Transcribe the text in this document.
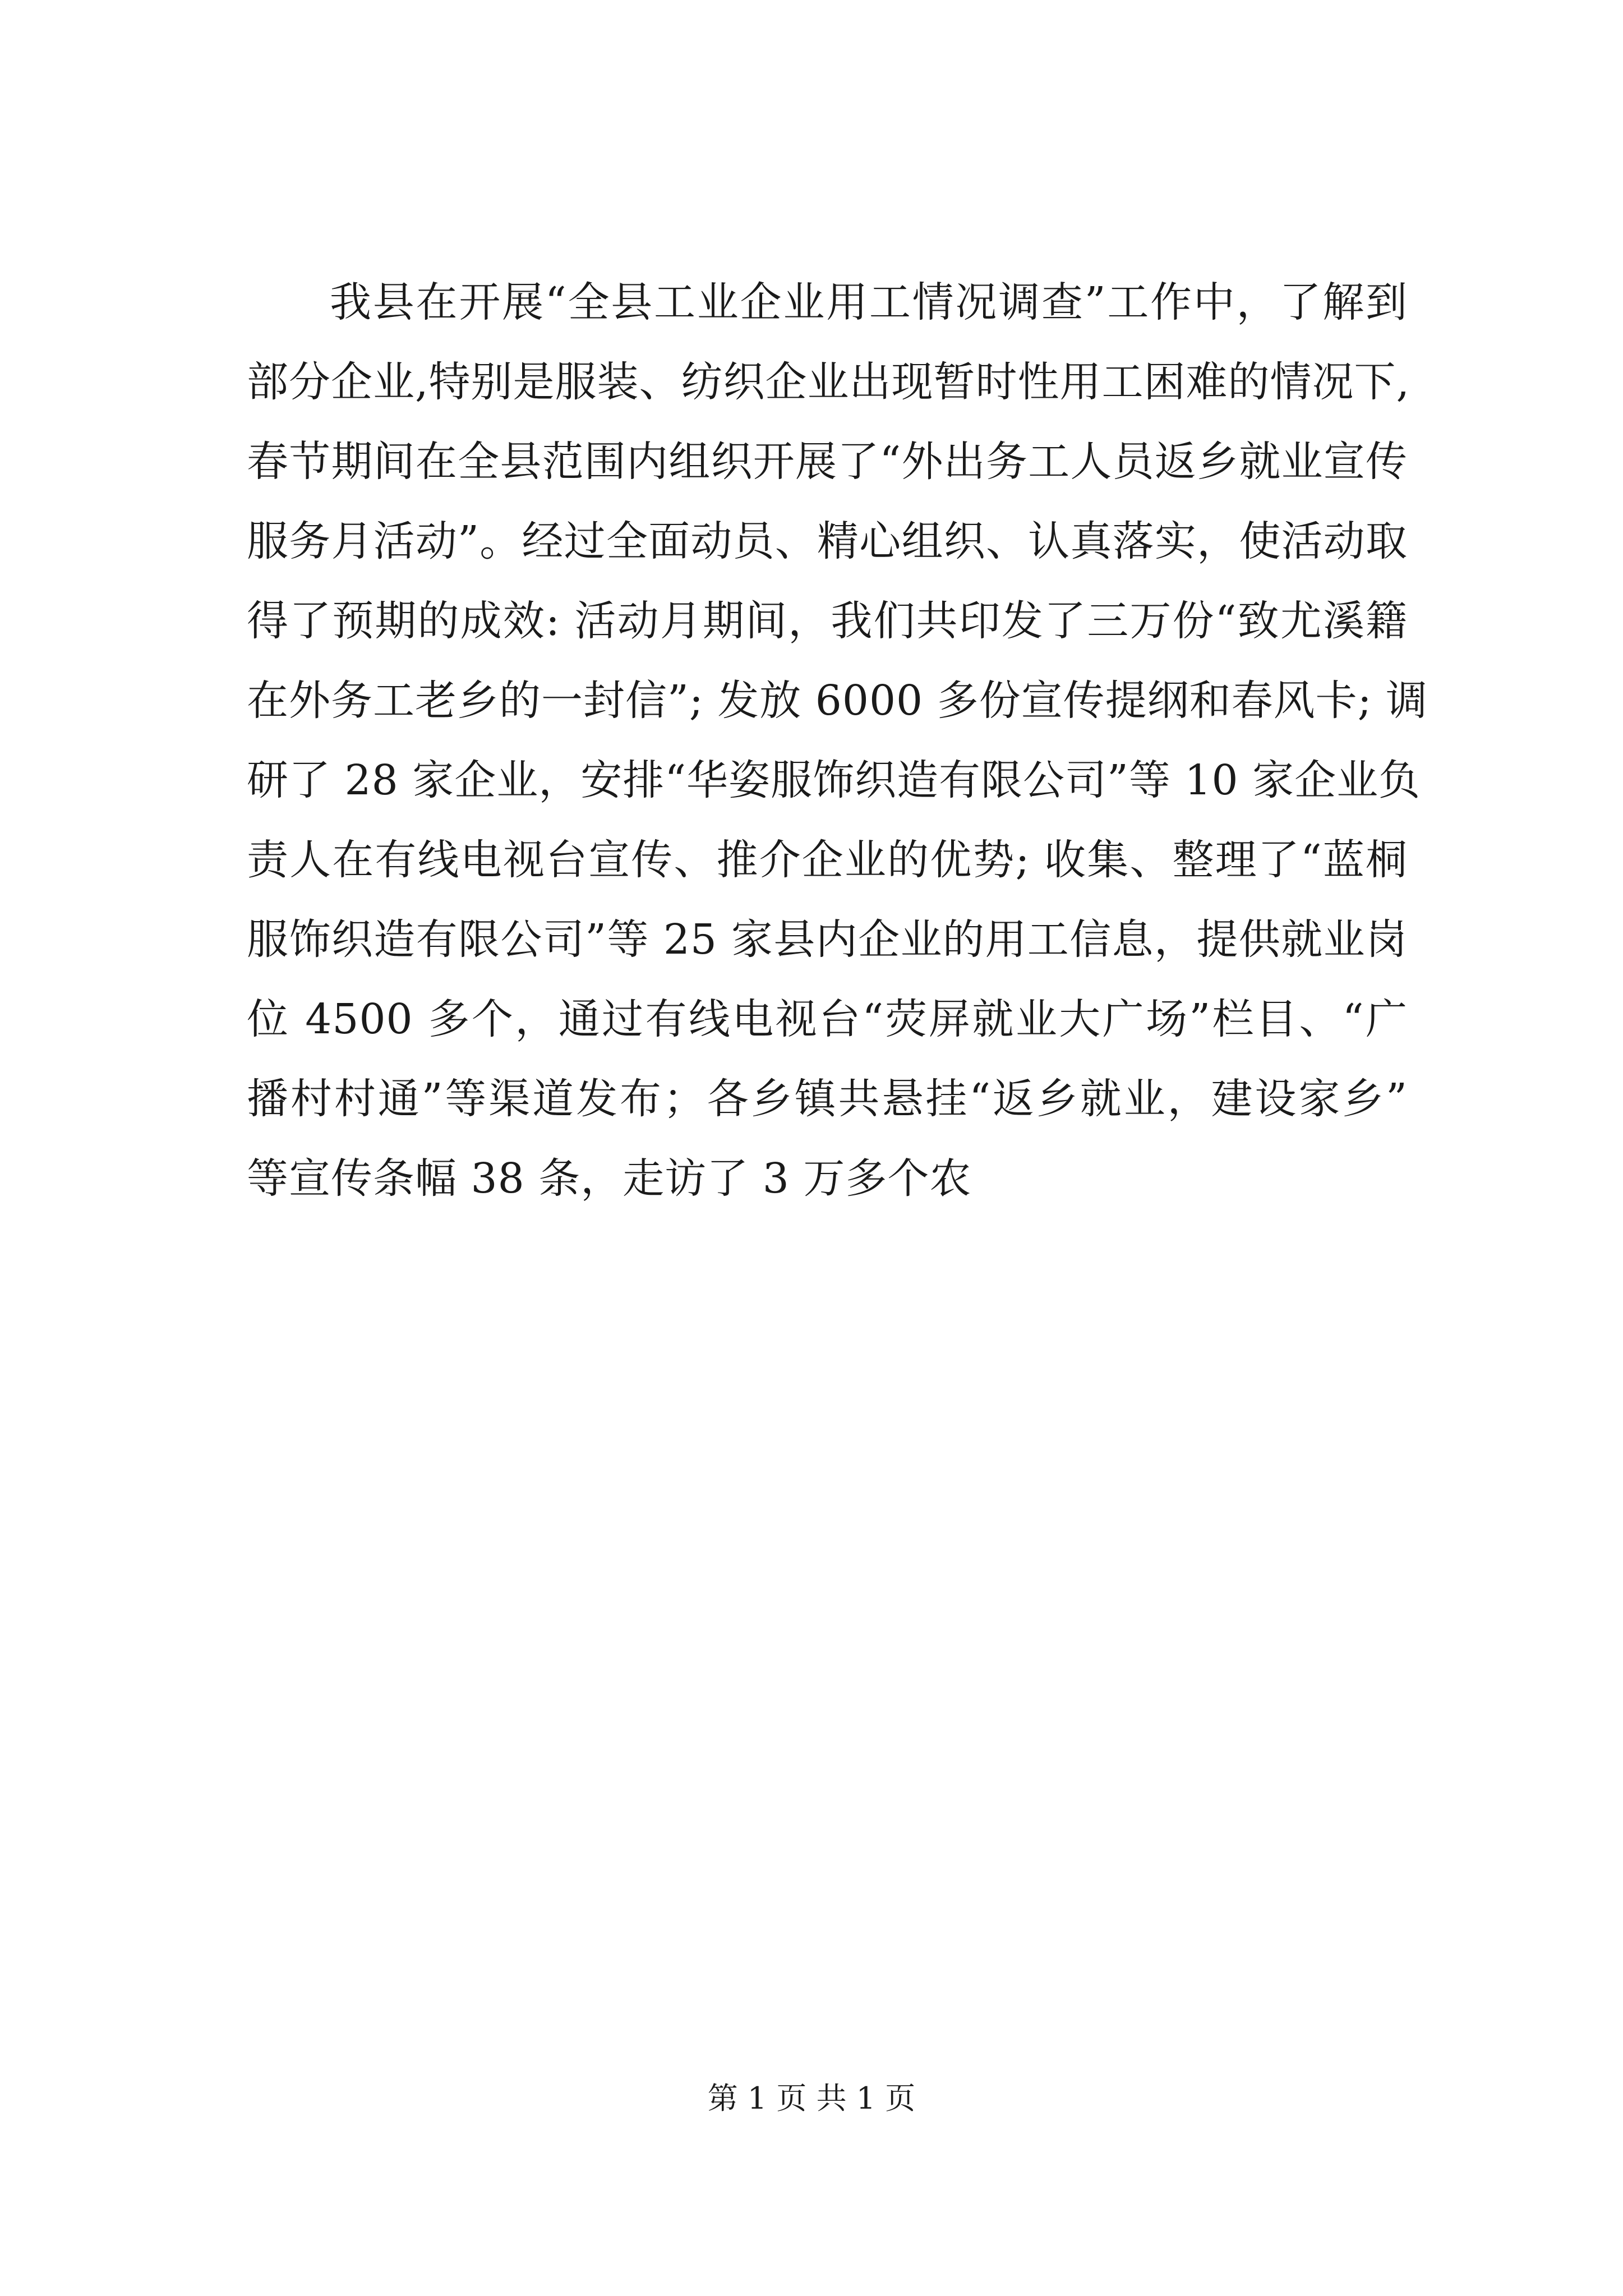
我县在开展“全县工业企业用工情况调查”工作中，了解到
部分企业,特别是服装、纺织企业出现暂时性用工困难的情况下,
春节期间在全县范围内组织开展了“外出务工人员返乡就业宣传
服务月活动”。经过全面动员、精心组织、认真落实，使活动取
得了预期的成效: 活动月期间，我们共印发了三万份“致尤溪籍
在外务工老乡的一封信”; 发放 6000 多份宣传提纲和春风卡; 调
研了 28 家企业，安排“华姿服饰织造有限公司”等 10 家企业负
责人在有线电视台宣传、推介企业的优势; 收集、整理了“蓝桐
服饰织造有限公司”等 25 家县内企业的用工信息，提供就业岗
位 4500 多个，通过有线电视台“荧屏就业大广场”栏目、“广
播村村通”等渠道发布；各乡镇共悬挂“返乡就业，建设家乡”
等宣传条幅 38 条，走访了 3 万多个农
第 1 页 共 1 页
